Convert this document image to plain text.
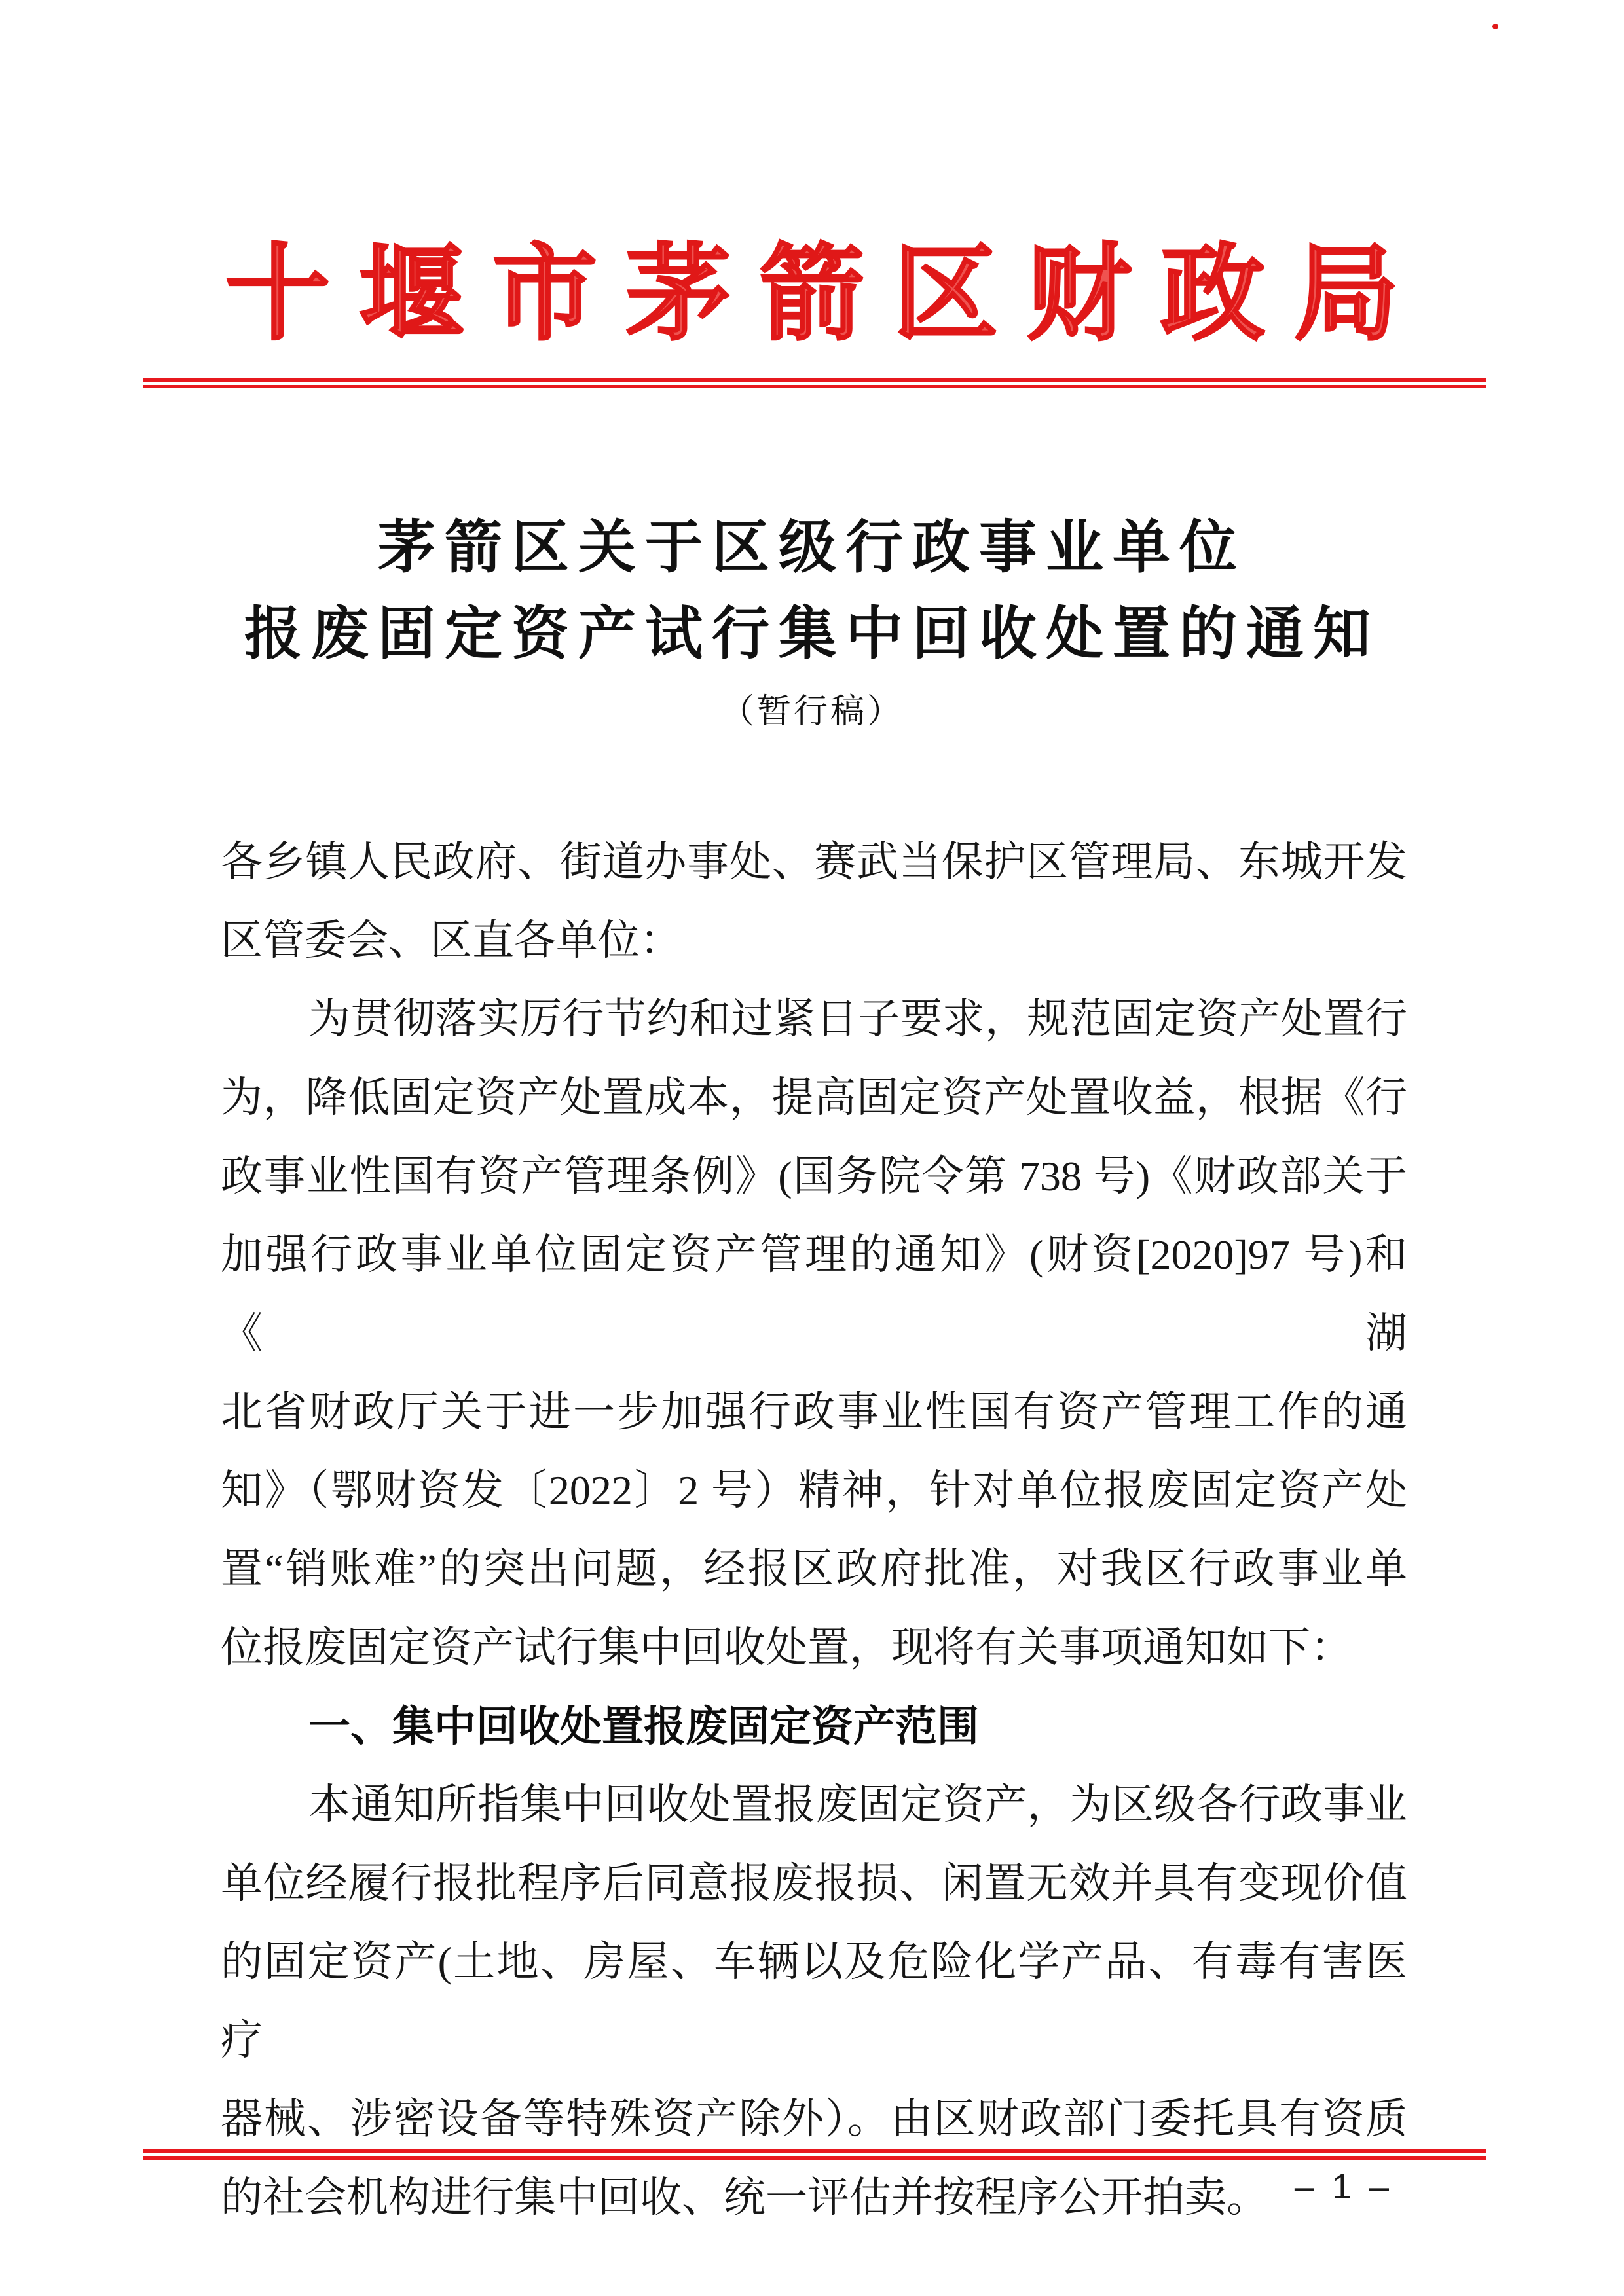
十堰市茅箭区财政局
茅箭区关于区级行政事业单位
报废固定资产试行集中回收处置的通知
（暂行稿）
各乡镇人民政府、街道办事处、赛武当保护区管理局、东城开发
区管委会、区直各单位：
为贯彻落实厉行节约和过紧日子要求，规范固定资产处置行
为，降低固定资产处置成本，提高固定资产处置收益，根据《行
政事业性国有资产管理条例》(国务院令第 738 号)《财政部关于
加强行政事业单位固定资产管理的通知》(财资[2020]97 号)和《湖
北省财政厅关于进一步加强行政事业性国有资产管理工作的通
知》（鄂财资发〔2022〕2 号）精神，针对单位报废固定资产处
置“销账难”的突出问题，经报区政府批准，对我区行政事业单
位报废固定资产试行集中回收处置，现将有关事项通知如下：
一、集中回收处置报废固定资产范围
本通知所指集中回收处置报废固定资产，为区级各行政事业
单位经履行报批程序后同意报废报损、闲置无效并具有变现价值
的固定资产(土地、房屋、车辆以及危险化学产品、有毒有害医疗
器械、涉密设备等特殊资产除外）。由区财政部门委托具有资质
的社会机构进行集中回收、统一评估并按程序公开拍卖。 – 1 –
